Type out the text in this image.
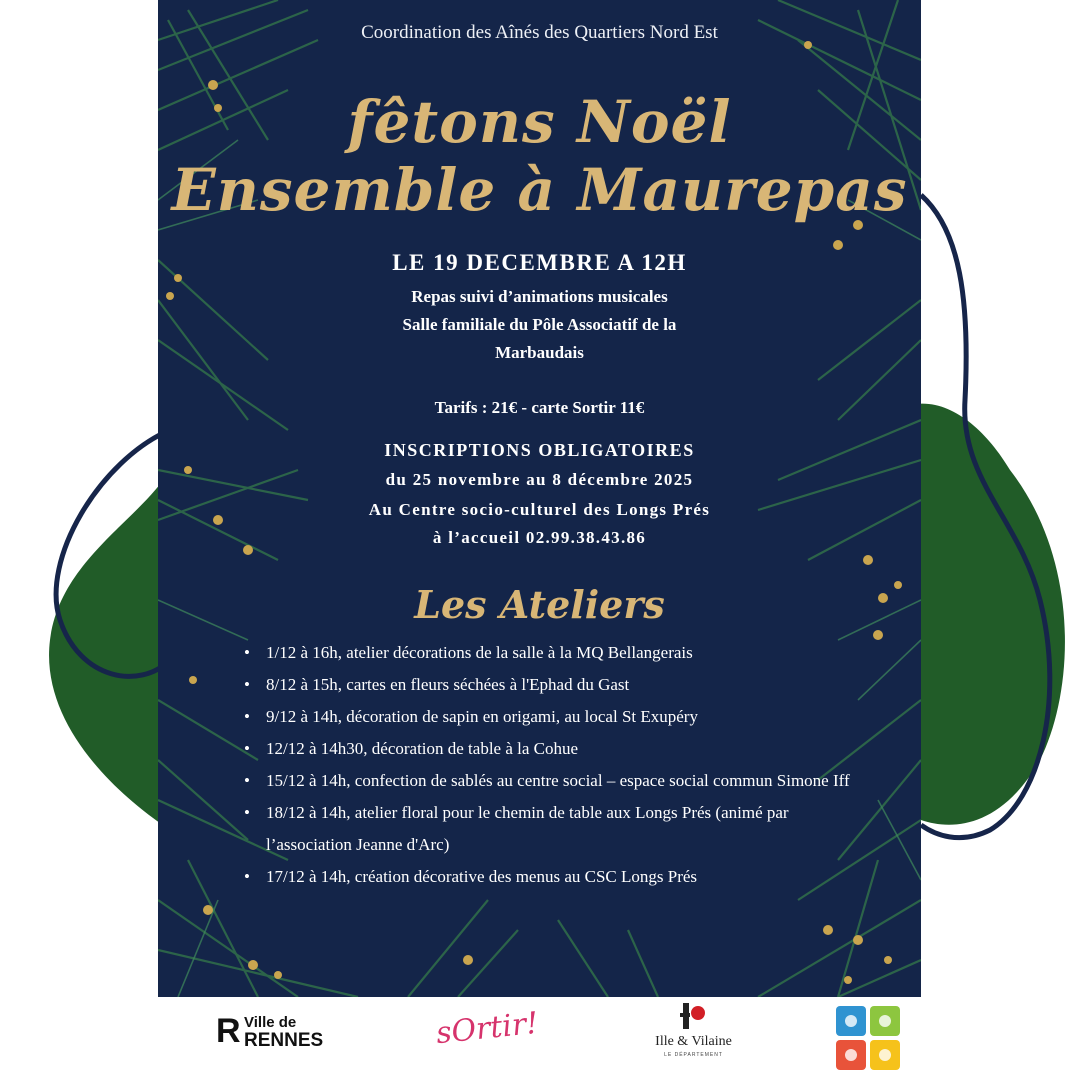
Coordination des Aînés des Quartiers Nord Est
fêtons Noël
Ensemble à Maurepas
LE 19 DECEMBRE A 12H
Repas suivi d’animations musicales
Salle familiale du Pôle Associatif de la
Marbaudais
Tarifs : 21€ - carte Sortir 11€
INSCRIPTIONS OBLIGATOIRES
du 25 novembre au 8 décembre 2025
Au Centre socio-culturel des Longs Prés
à l’accueil 02.99.38.43.86
Les Ateliers
• 1/12 à 16h, atelier décorations de la salle à la MQ Bellangerais
• 8/12 à 15h, cartes en fleurs séchées à l'Ephad du Gast
• 9/12 à 14h, décoration de sapin en origami, au local St Exupéry
• 12/12 à 14h30, décoration de table à la Cohue
• 15/12 à 14h, confection de sablés au centre social – espace social commun Simone Iff
• 18/12 à 14h, atelier floral pour le chemin de table aux Longs Prés (animé par l’association Jeanne d'Arc)
• 17/12 à 14h, création décorative des menus au CSC Longs Prés
R Ville de
RENNES	sOrtir!	Ille & Vilaine
LE DÉPARTEMENT
